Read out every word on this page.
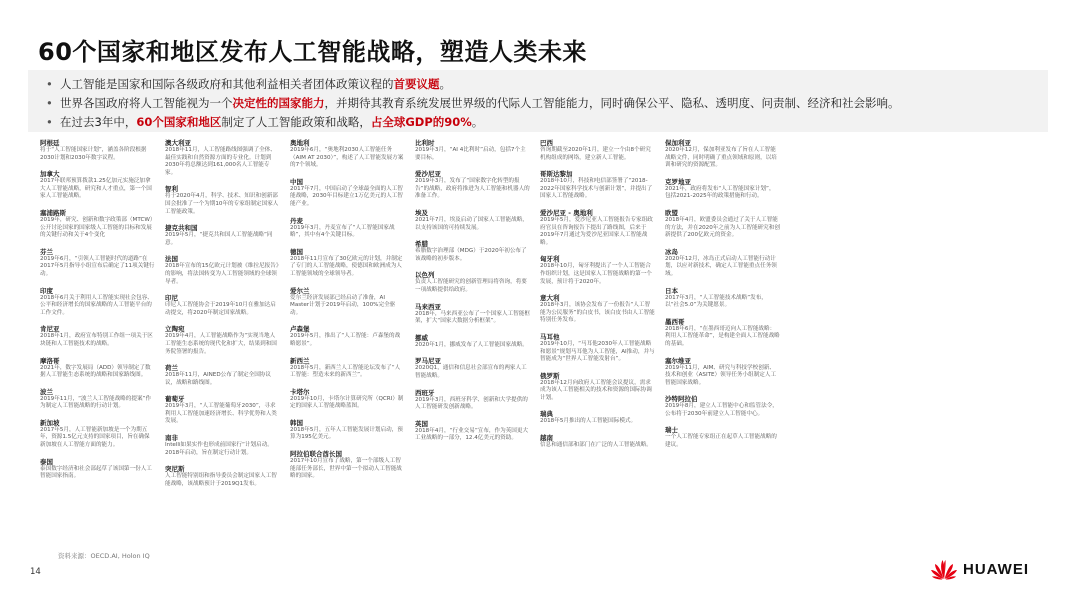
60个国家和地区发布人工智能战略，塑造人类未来
• 人工智能是国家和国际各级政府和其他利益相关者团体政策议程的首要议题。
• 世界各国政府将人工智能视为一个决定性的国家能力，并期待其教育系统发展世界级的代际人工智能能力，同时确保公平、隐私、透明度、问责制、经济和社会影响。
• 在过去3年中，60个国家和地区制定了人工智能政策和战略，占全球GDP的90%。
阿根廷
将于“人工智能国家计划”，涵盖各阶段根据2030计划和2030年数字议程。
加拿大
2017年联邦预算拨款1.25亿加元实施泛加拿大人工智能战略，研究和人才重点，第一个国家人工智能战略。
塞浦路斯
2019年，研究、创新和数字政策部（MTCW）公开讨论国家的国家级人工智能的目标和发展的关键行动和关于4个变化
芬兰
2019年6月，“引领人工智能时代的道路”在2017年5月指导小组宣布后确定了11项关键行动。
印度
2018年6月关于利用人工智能实现社会包容、公平和经济增长的国家战略的人工智能平台的工作文件。
肯尼亚
2018年1月，政府宣布特别工作组一项关于区块链和人工智能技术的战略。
摩洛哥
2021年，数字发展局（ADD）领导制定了数据人工智能生态系统的战略和国家路线图。
波兰
2019年11月，“波兰人工智能战略的提案”作为制定人工智能战略的行动计划。
新加坡
2017年5月，人工智能新加坡是一个为期五年，资源1.5亿元支持的国家项目，旨在确保新加坡在人工智能方面的能力。
泰国
泰国数字经济和社会部起草了该国第一份人工智能国家指南。
澳大利亚
2018年11月，人工智能路线图强调了全体、最佳实践和自然资源方面的专业化。计划到2030年将总额达到161,000名人工智能专家。
智利
将于2020年4月，科学、技术、知识和创新部国会批准了一个为期10年的专家组制定国家人工智能政策。
捷克共和国
2019年5月，“捷克共和国人工智能战略”同意。
法国
2018年宣布的15亿欧元计划被《维拉尼报告》的影响，将法国转变为人工智能领域的全球领导者。
印尼
印尼人工智能协会于2019年10月在雅加达启动提交，将2020年制定国家战略。
立陶宛
2019年4月，人工智能战略作为“实现当地人工智能生态系统的现代化和扩大，结果到和国务院签署的报告。
荷兰
2018年11月，AINED公布了制定全国协议议，战略和路线图。
葡萄牙
2019年3月，“人工智能葡萄牙2030”，寻求利用人工智能加速经济增长、科学优势和人类发展。
南非
Intelli如果实作也形成前国家行“计划启动。2018年启动，旨在制定行动计划。
突尼斯
人工智能特别组和指导委员会制定国家人工智能战略，该战略预计于2019Q1发布。
奥地利
2019年6月，“奥地利2030人工智能任务（AIM AT 2030）”，构述了人工智能发展方案的7个领域。
中国
2017年7月，中国启动了全球最全面的人工智能战略，2030年目标建立1万亿美元的人工智能产业。
丹麦
2019年3月，丹麦宣布了“人工智能国家战略”，其中有4个关键目标。
德国
2018年11月宣布了30亿欧元的计划，并制定了专门的人工智能战略，使德国和欧洲成为人工智能领域的全球领导者。
爱尔兰
爱尔兰经济发展部已经启动了准备，AI Master计划于2019年启动，100%完全驱动。
卢森堡
2019年5月，推出了“人工智能：卢森堡的战略愿景”。
新西兰
2018年5月，新西兰人工智能论坛发布了“人工智能：塑造未来的新西兰”。
卡塔尔
2019年10月，卡塔尔计算研究所（QCRI）制定的国家人工智能战略蓝图。
韩国
2018年5月，五年人工智能发展计划启动，预算为195亿美元。
阿拉伯联合酋长国
2017年10月宣布了战略，第一个部级人工智能部任务部长，世界中第一个拟动人工智能战略的国家。
比利时
2019年3月，“AI 4比利时”启动，包括7个主要目标。
爱沙尼亚
2019年3月，发布了“国家数字化转型的报告”的战略，政府将推进为人工智能和机器人的准备工作。
埃及
2021年7月，埃及启动了国家人工智能战略，以支持该国的可持续发展。
希腊
希腊数字治理部（MDG）于2020年初公布了该战略的初步版本。
以色列
负责人工智能研究的创新管理局将咨询，将要一项战略提供给政府。
马来西亚
2018年，马来西亚公布了一个国家人工智能框架，扩大“国家大数据分析框架”。
挪威
2020年1月，挪威发布了人工智能国家战略。
罗马尼亚
2020Q1，通信和信息社会部宣布的两家人工智能战略。
西班牙
2019年3月，西班牙科学、创新和大学提供的人工智能研发创新战略。
英国
2018年4月，“行业交易”宣布，作为英国更大工业战略的一部分，12.4亿美元的资助。
巴西
咨询期截至2020年1月，建立一个由8个研究机构组成的网络，建立新人工智能。
哥斯达黎加
2018年10月，科技和电信部签署了“2018-2022年国家科学技术与创新计划”，并提出了国家人工智能战略。
爱沙尼亚 - 奥地利
2019年5月，爱沙尼亚人工智能报告专家组政府官员在咨询报告下提出了路线图，后来于2019年7月通过为爱沙尼亚国家人工智能战略。
匈牙利
2018年10月，匈牙利提出了一个人工智能合作组织计划，这是国家人工智能战略的第一个发展，预计将于2020年。
意大利
2018年3月，该协会发布了一份报告“人工智能为公民服务”的白皮书，该白皮书由人工智能特别任务发布。
马耳他
2019年10月，“马耳他2030年人工智能战略和愿景”规划马耳他为人工智能，AI推动，并与智能成为“世界人工智能发射台”。
俄罗斯
2018年12月向政府人工智能会议提议，需求成为该人工智能相关的技术和资源的国际协调计划。
瑞典
2018年5月推出的人工智能国际模式。
越南
信息和通信部和部门在广泛的人工智能战略。
保加利亚
2020年12月，保加利亚发布了旨在人工智能战略文件，同时明确了重点领域和原则，以培训和研究的资源配置。
克罗地亚
2021年，政府将发布“人工智能国家计划”，包括2021-2025年的政策措施和行动。
欧盟
2018年4月，欧盟委员会通过了关于人工智能的方法，并在2020年之前为人工智能研究和创新提供了200亿欧元的资金。
冰岛
2020年12月，冰岛正式启动人工智能行动计划，以应对新技术，确定人工智能重点任务领域。
日本
2017年3月，“人工智能技术战略”发布，以“社会5.0”为关键愿景。
墨西哥
2018年6月，“在墨西哥迈向人工智能战略：利用人工智能革命”，是构建全面人工智能战略的基础。
塞尔维亚
2019年11月，AIM、研究与科技学校创新、技术和创业（ASITE）领导任务小组制定人工智能国家战略。
沙特阿拉伯
2019年8月，建立人工智能中心和监管法令，公布将于2030年前建立人工智能中心。
瑞士
一个人工智能专家组正在起草人工智能战略的建议。
资料来源：OECD.AI, Holon IQ
14	HUAWEI
